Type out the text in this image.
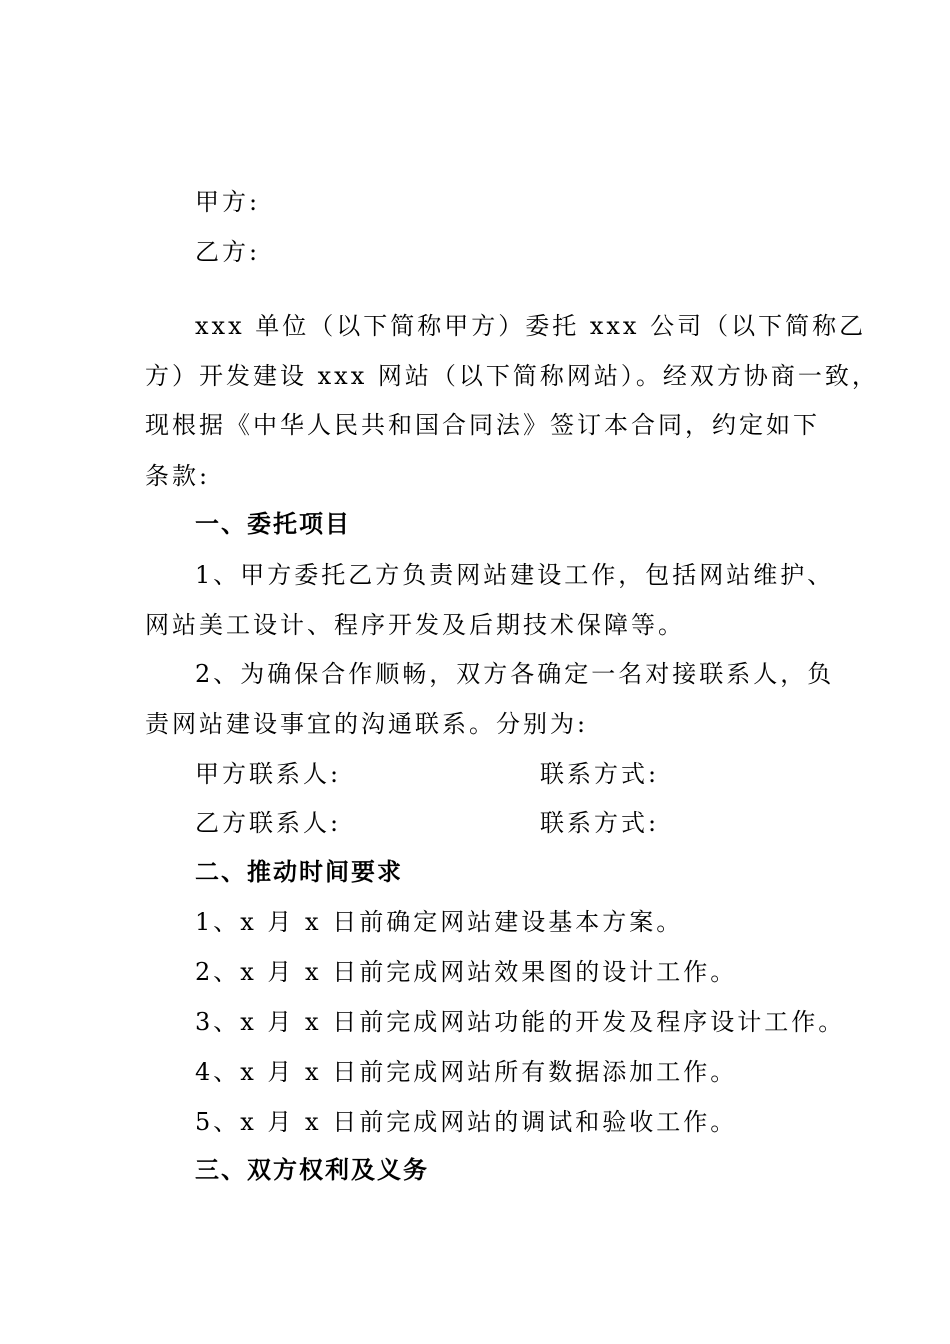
甲方:
乙方:
xxx 单位（以下简称甲方）委托 xxx 公司（以下简称乙
方）开发建设 xxx 网站（以下简称网站）。经双方协商一致，
现根据《中华人民共和国合同法》签订本合同，约定如下
条款:
一、委托项目
1、甲方委托乙方负责网站建设工作，包括网站维护、
网站美工设计、程序开发及后期技术保障等。
2、为确保合作顺畅，双方各确定一名对接联系人，负
责网站建设事宜的沟通联系。分别为:
甲方联系人:	联系方式:
乙方联系人:	联系方式:
二、推动时间要求
1、x 月 x 日前确定网站建设基本方案。
2、x 月 x 日前完成网站效果图的设计工作。
3、x 月 x 日前完成网站功能的开发及程序设计工作。
4、x 月 x 日前完成网站所有数据添加工作。
5、x 月 x 日前完成网站的调试和验收工作。
三、双方权利及义务
